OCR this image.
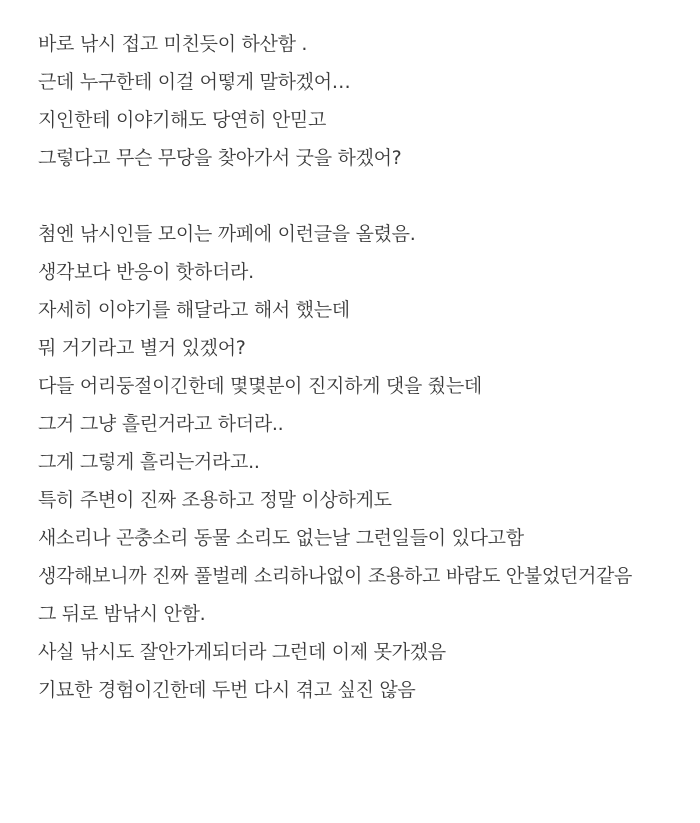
바로 낚시 접고 미친듯이 하산함 .

근데 누구한테 이걸 어떻게 말하겠어…

지인한테 이야기해도 당연히 안믿고

그렇다고 무슨 무당을 찾아가서 굿을 하겠어?

첨엔 낚시인들 모이는 까페에 이런글을 올렸음.

생각보다 반응이 핫하더라.

자세히 이야기를 해달라고 해서 했는데

뭐 거기라고 별거 있겠어?

다들 어리둥절이긴한데 몇몇분이 진지하게 댓을 줬는데

그거 그냥 흘린거라고 하더라..

그게 그렇게 흘리는거라고..

특히 주변이 진짜 조용하고 정말 이상하게도

새소리나 곤충소리 동물 소리도 없는날 그런일들이 있다고함

생각해보니까 진짜 풀벌레 소리하나없이 조용하고 바람도 안불었던거같음

그 뒤로 밤낚시 안함.

사실 낚시도 잘안가게되더라 그런데 이제 못가겠음

기묘한 경험이긴한데 두번 다시 겪고 싶진 않음
